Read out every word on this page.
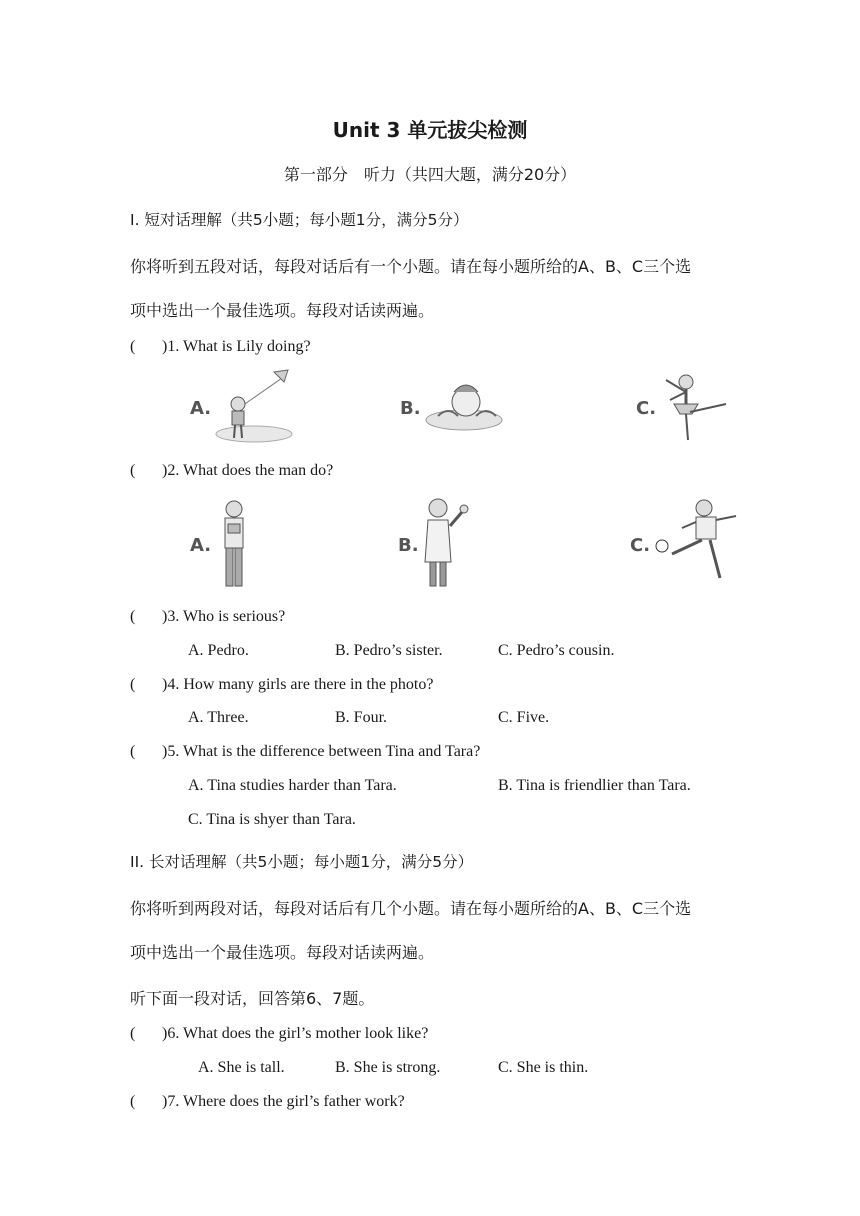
Unit 3 单元拔尖检测
第一部分　听力（共四大题，满分20分）
I. 短对话理解（共5小题；每小题1分，满分5分）
你将听到五段对话，每段对话后有一个小题。请在每小题所给的A、B、C三个选
项中选出一个最佳选项。每段对话读两遍。
( )1. What is Lily doing?
A.	B.	C.
( )2. What does the man do?
A.	B.	C.
( )3. Who is serious?
A. Pedro.	B. Pedro’s sister.	C. Pedro’s cousin.
( )4. How many girls are there in the photo?
A. Three.	B. Four.	C. Five.
( )5. What is the difference between Tina and Tara?
A. Tina studies harder than Tara.	B. Tina is friendlier than Tara.
C. Tina is shyer than Tara.
II. 长对话理解（共5小题；每小题1分，满分5分）
你将听到两段对话，每段对话后有几个小题。请在每小题所给的A、B、C三个选
项中选出一个最佳选项。每段对话读两遍。
听下面一段对话，回答第6、7题。
( )6. What does the girl’s mother look like?
A. She is tall.	B. She is strong.	C. She is thin.
( )7. Where does the girl’s father work?
